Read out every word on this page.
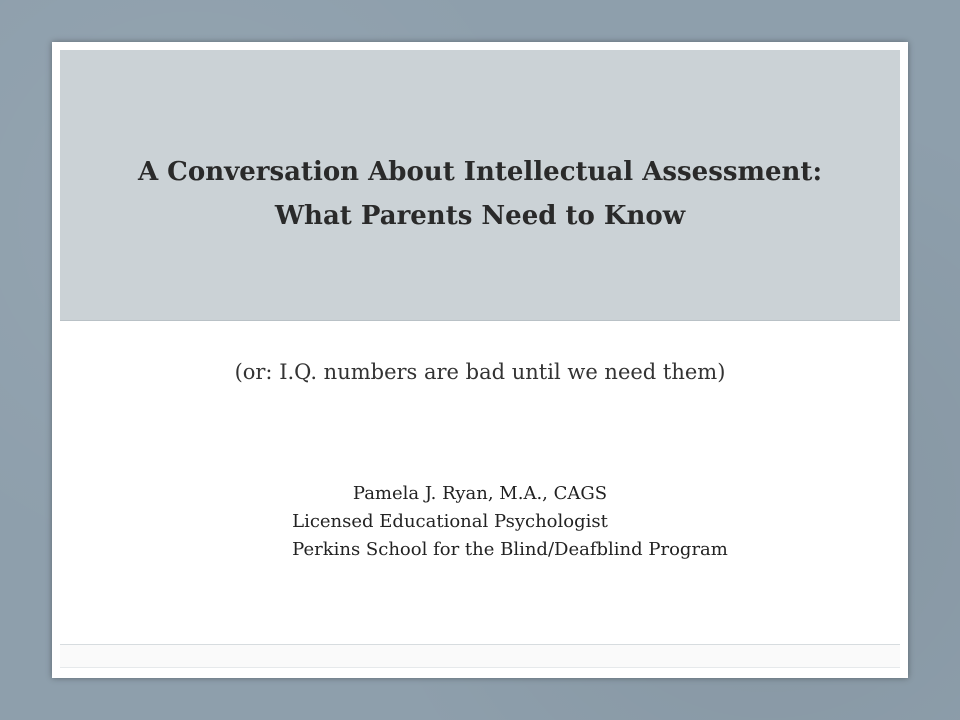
A Conversation About Intellectual Assessment:
What Parents Need to Know

(or: I.Q. numbers are bad until we need them)

Pamela J. Ryan, M.A., CAGS
Licensed Educational Psychologist
Perkins School for the Blind/Deafblind Program
